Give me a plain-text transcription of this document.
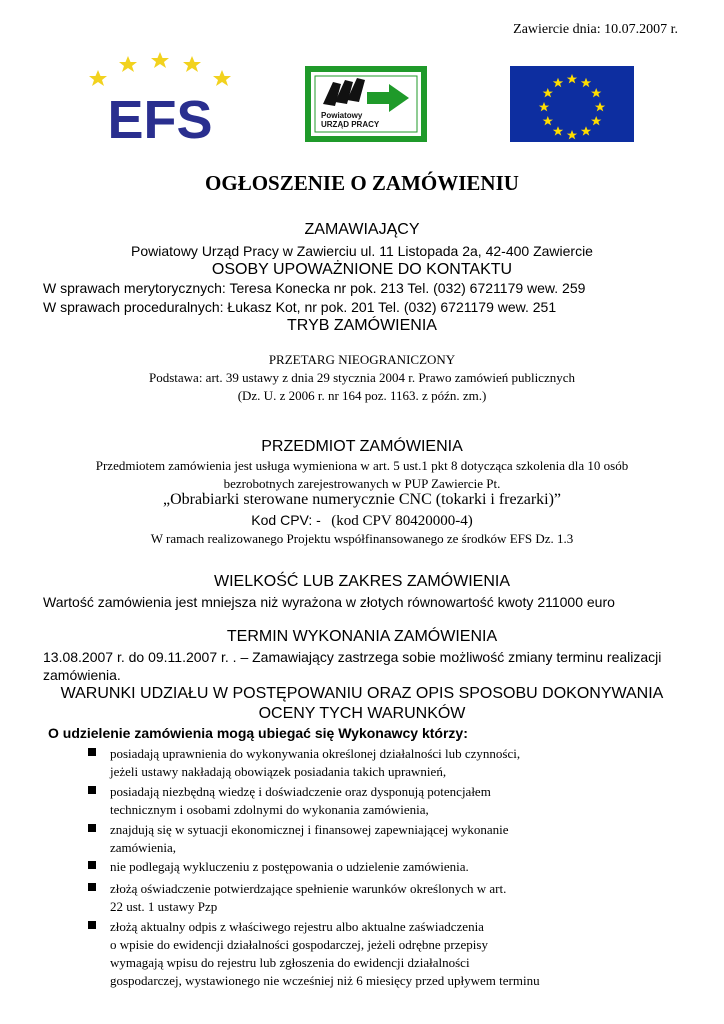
Zawiercie dnia: 10.07.2007 r.
EFS	Powiatowy
URZĄD PRACY
OGŁOSZENIE O ZAMÓWIENIU
ZAMAWIAJĄCY
Powiatowy Urząd Pracy w Zawierciu ul. 11 Listopada 2a, 42-400 Zawiercie
OSOBY UPOWAŻNIONE DO KONTAKTU
W sprawach merytorycznych: Teresa Konecka nr pok. 213 Tel. (032) 6721179 wew. 259
W sprawach proceduralnych: Łukasz Kot, nr pok. 201 Tel. (032) 6721179 wew. 251
TRYB ZAMÓWIENIA
PRZETARG NIEOGRANICZONY
Podstawa: art. 39 ustawy z dnia 29 stycznia 2004 r. Prawo zamówień publicznych
(Dz. U. z 2006 r. nr 164 poz. 1163. z późn. zm.)
PRZEDMIOT ZAMÓWIENIA
Przedmiotem zamówienia jest usługa wymieniona w art. 5 ust.1 pkt 8 dotycząca szkolenia dla 10 osób
bezrobotnych zarejestrowanych w PUP Zawiercie Pt.
„Obrabiarki sterowane numerycznie CNC (tokarki i frezarki)”
Kod CPV: - (kod CPV 80420000-4)
W ramach realizowanego Projektu współfinansowanego ze środków EFS Dz. 1.3
WIELKOŚĆ LUB ZAKRES ZAMÓWIENIA
Wartość zamówienia jest mniejsza niż wyrażona w złotych równowartość kwoty 211000 euro
TERMIN WYKONANIA ZAMÓWIENIA
13.08.2007 r. do 09.11.2007 r. . – Zamawiający zastrzega sobie możliwość zmiany terminu realizacji
zamówienia.
WARUNKI UDZIAŁU W POSTĘPOWANIU ORAZ OPIS SPOSOBU DOKONYWANIA
OCENY TYCH WARUNKÓW
O udzielenie zamówienia mogą ubiegać się Wykonawcy którzy:
posiadają uprawnienia do wykonywania określonej działalności lub czynności,
jeżeli ustawy nakładają obowiązek posiadania takich uprawnień,
posiadają niezbędną wiedzę i doświadczenie oraz dysponują potencjałem
technicznym i osobami zdolnymi do wykonania zamówienia,
znajdują się w sytuacji ekonomicznej i finansowej zapewniającej wykonanie
zamówienia,
nie podlegają wykluczeniu z postępowania o udzielenie zamówienia.
złożą oświadczenie potwierdzające spełnienie warunków określonych w art.
22 ust. 1 ustawy Pzp
złożą aktualny odpis z właściwego rejestru albo aktualne zaświadczenia
o wpisie do ewidencji działalności gospodarczej, jeżeli odrębne przepisy
wymagają wpisu do rejestru lub zgłoszenia do ewidencji działalności
gospodarczej, wystawionego nie wcześniej niż 6 miesięcy przed upływem terminu
